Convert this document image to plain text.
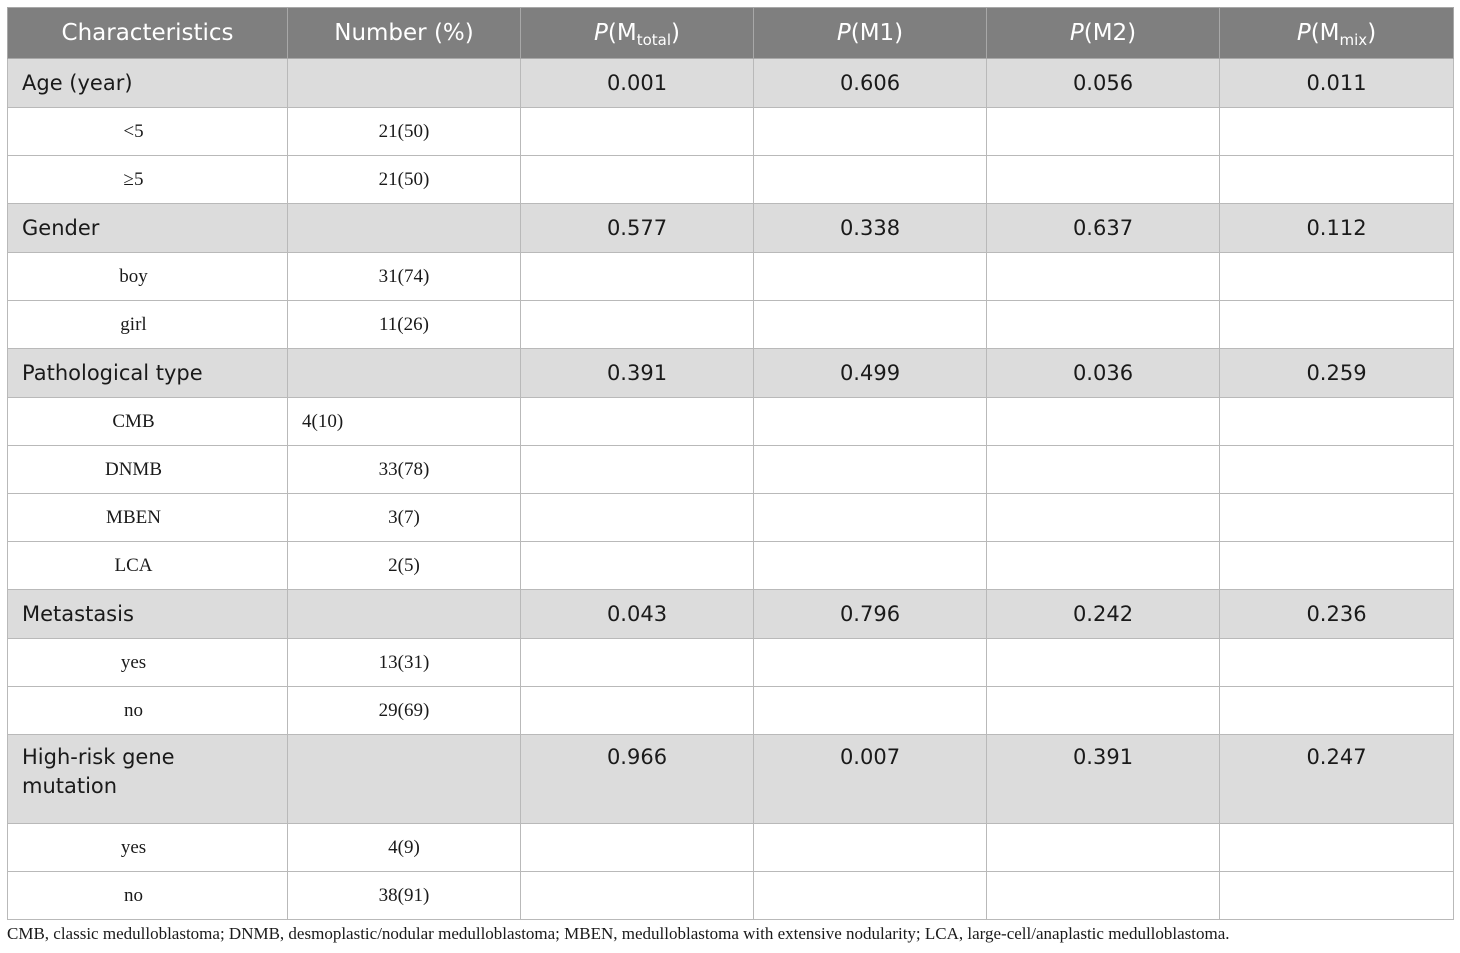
Characteristics	Number (%)	$P(M_{total})$	P(M1)	P(M2)	$P(M_{mix})$
Age (year)		0.001	0.606	0.056	0.011
<5	21(50)				
≥5	21(50)				
Gender		0.577	0.338	0.637	0.112
boy	31(74)				
girl	11(26)				
Pathological type		0.391	0.499	0.036	0.259
CMB	4(10)				
DNMB	33(78)				
MBEN	3(7)				
LCA	2(5)				
Metastasis		0.043	0.796	0.242	0.236
yes	13(31)				
no	29(69)				
High-risk gene
mutation		0.966	0.007	0.391	0.247
yes	4(9)				
no	38(91)				
CMB, classic medulloblastoma; DNMB, desmoplastic/nodular medulloblastoma; MBEN, medulloblastoma with extensive nodularity; LCA, large-cell/anaplastic medulloblastoma.
